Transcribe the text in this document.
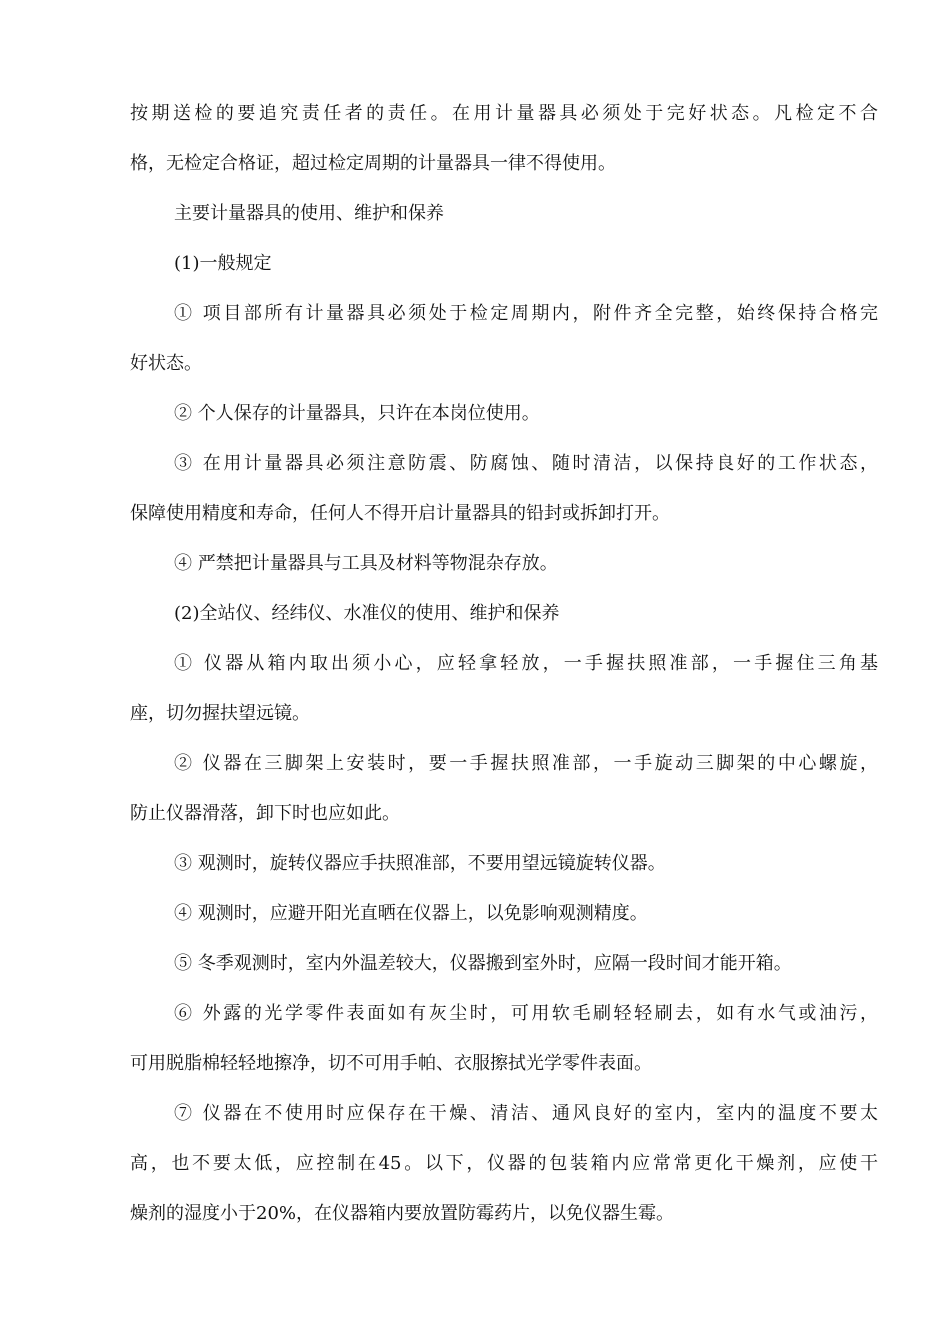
按期送检的要追究责任者的责任。在用计量器具必须处于完好状态。凡检定不合
格，无检定合格证，超过检定周期的计量器具一律不得使用。
主要计量器具的使用、维护和保养
(1)一般规定
① 项目部所有计量器具必须处于检定周期内，附件齐全完整，始终保持合格完
好状态。
② 个人保存的计量器具，只许在本岗位使用。
③ 在用计量器具必须注意防震、防腐蚀、随时清洁，以保持良好的工作状态，
保障使用精度和寿命，任何人不得开启计量器具的铅封或拆卸打开。
④ 严禁把计量器具与工具及材料等物混杂存放。
(2)全站仪、经纬仪、水准仪的使用、维护和保养
① 仪器从箱内取出须小心，应轻拿轻放，一手握扶照准部，一手握住三角基
座，切勿握扶望远镜。
② 仪器在三脚架上安装时，要一手握扶照准部，一手旋动三脚架的中心螺旋，
防止仪器滑落，卸下时也应如此。
③ 观测时，旋转仪器应手扶照准部，不要用望远镜旋转仪器。
④ 观测时，应避开阳光直晒在仪器上，以免影响观测精度。
⑤ 冬季观测时，室内外温差较大，仪器搬到室外时，应隔一段时间才能开箱。
⑥ 外露的光学零件表面如有灰尘时，可用软毛刷轻轻刷去，如有水气或油污，
可用脱脂棉轻轻地擦净，切不可用手帕、衣服擦拭光学零件表面。
⑦ 仪器在不使用时应保存在干燥、清洁、通风良好的室内，室内的温度不要太
高，也不要太低，应控制在45。以下，仪器的包装箱内应常常更化干燥剂，应使干
燥剂的湿度小于20%，在仪器箱内要放置防霉药片，以免仪器生霉。
